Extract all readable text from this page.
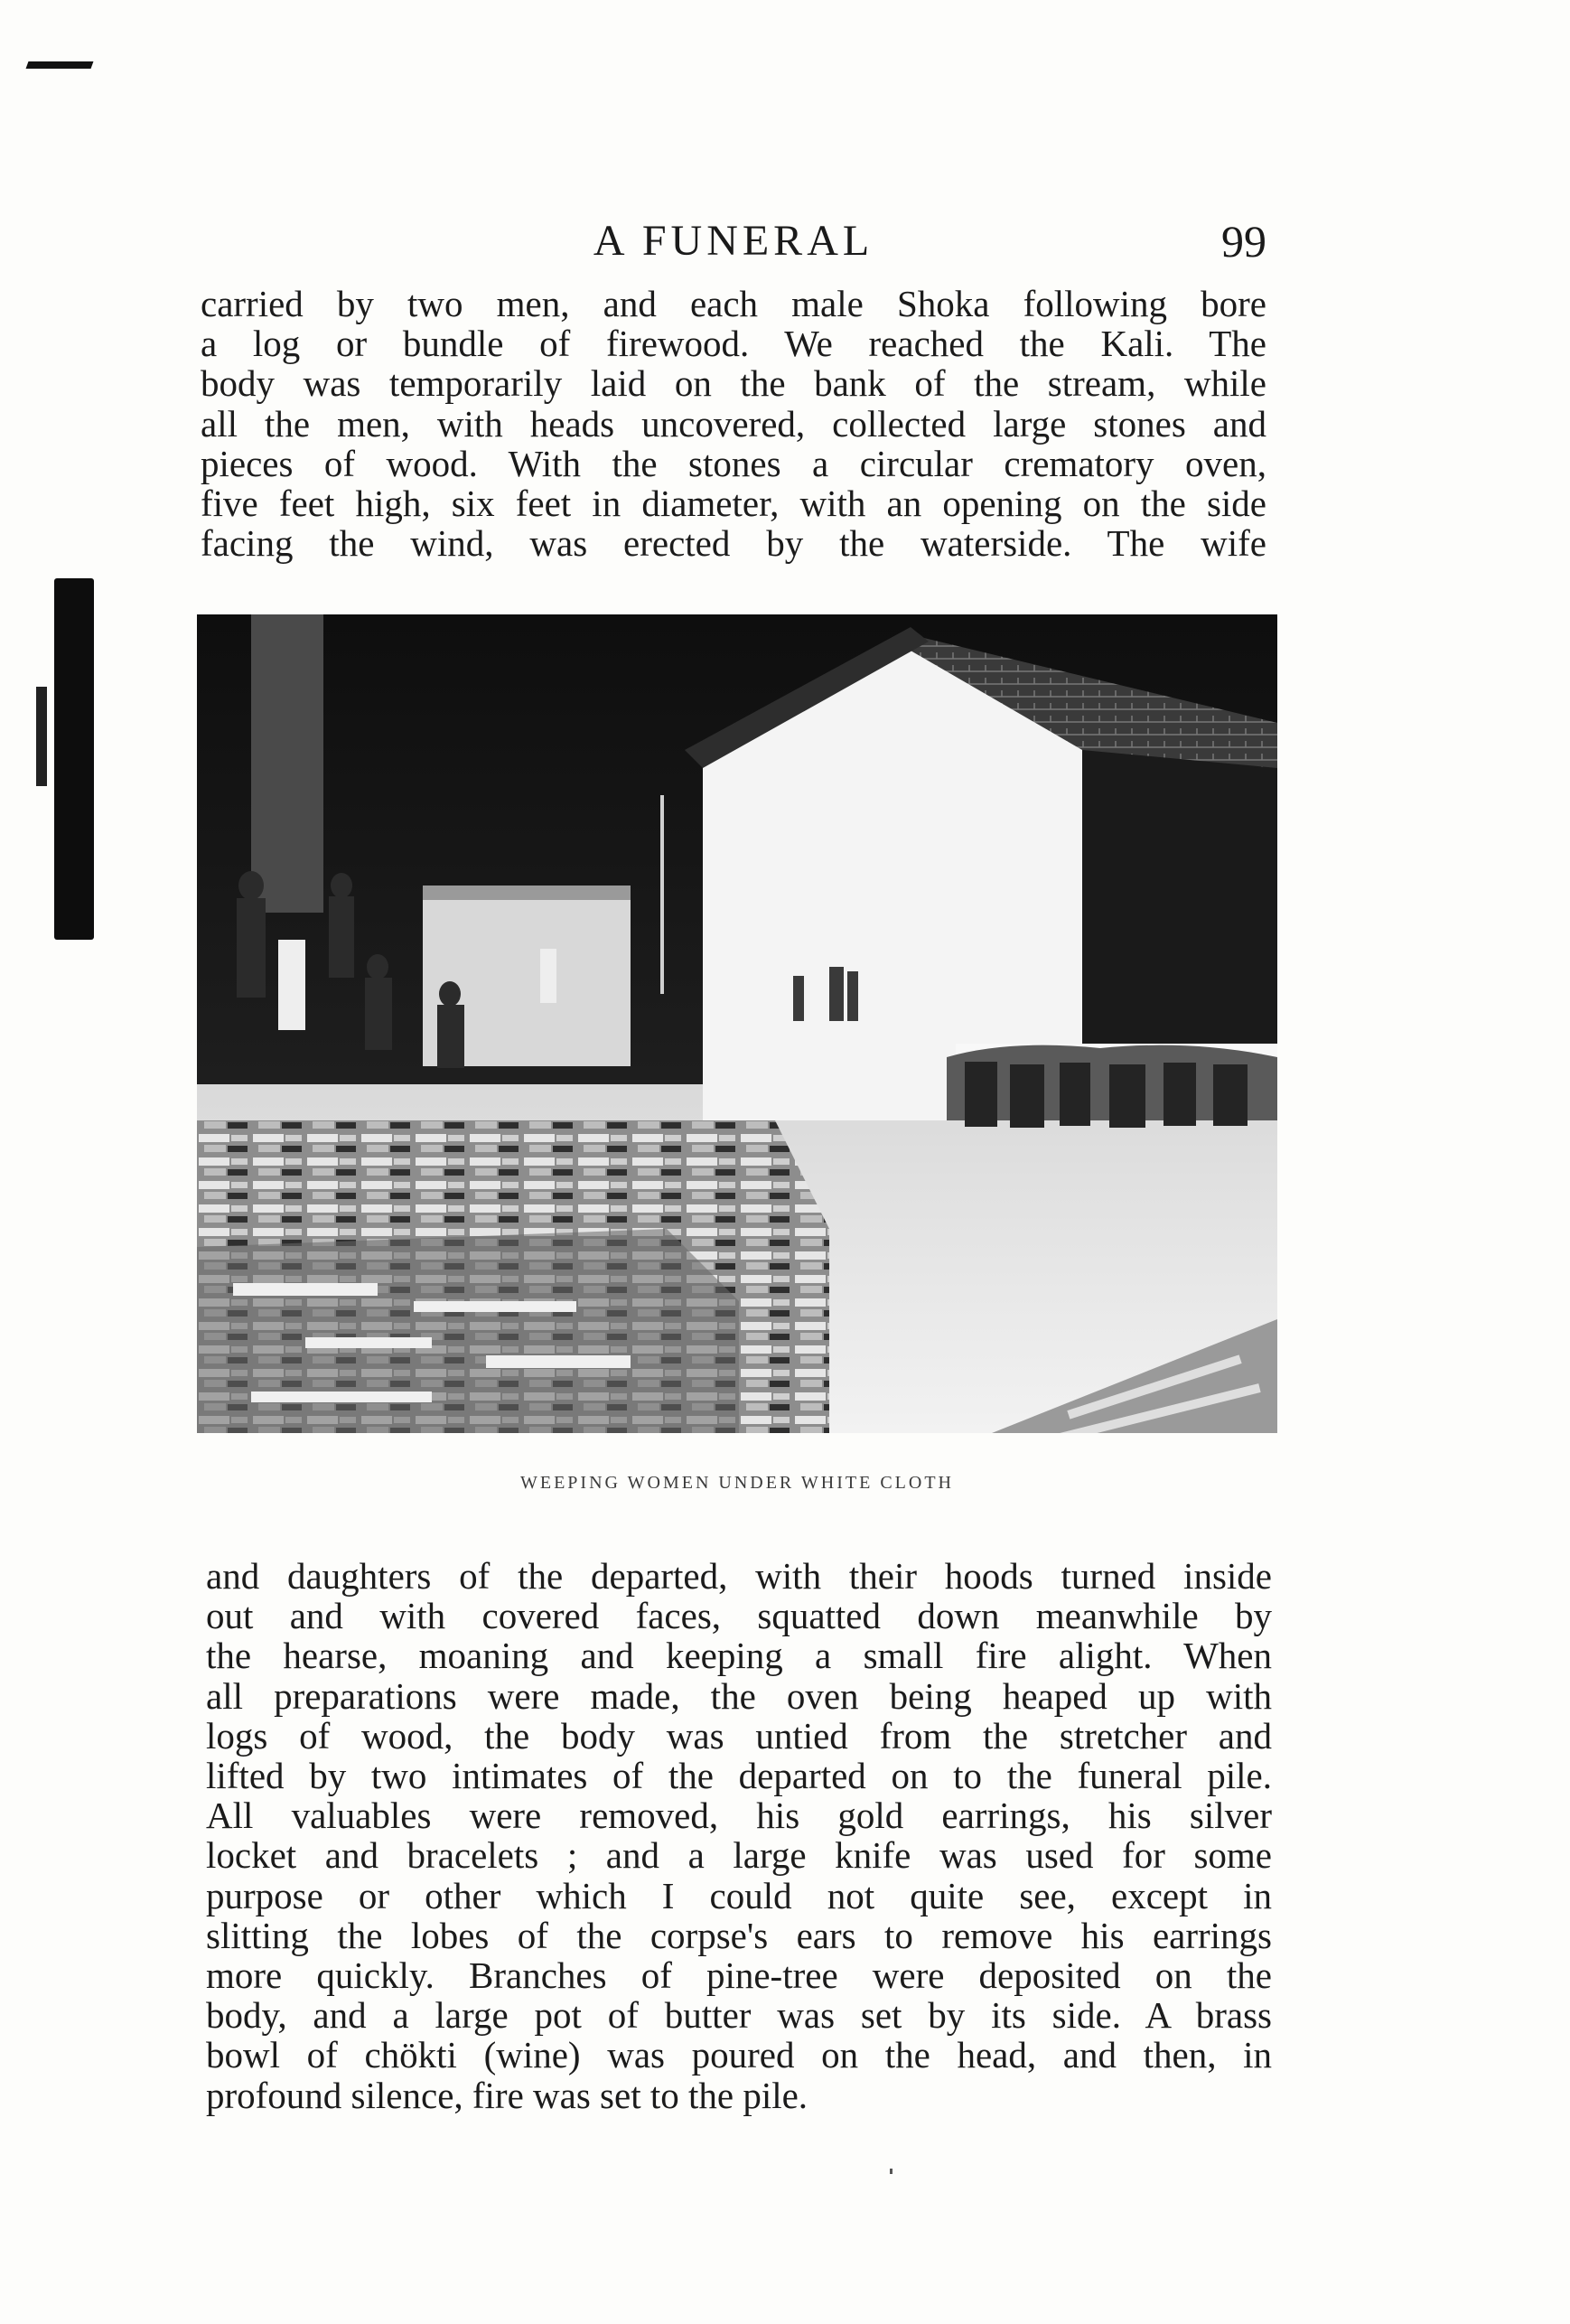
A FUNERAL	99
carried by two men, and each male Shoka following bore
a log or bundle of firewood. We reached the Kali. The
body was temporarily laid on the bank of the stream, while
all the men, with heads uncovered, collected large stones and
pieces of wood. With the stones a circular crematory oven,
five feet high, six feet in diameter, with an opening on the side
facing the wind, was erected by the waterside. The wife
WEEPING WOMEN UNDER WHITE CLOTH
and daughters of the departed, with their hoods turned inside
out and with covered faces, squatted down meanwhile by
the hearse, moaning and keeping a small fire alight. When
all preparations were made, the oven being heaped up with
logs of wood, the body was untied from the stretcher and
lifted by two intimates of the departed on to the funeral pile.
All valuables were removed, his gold earrings, his silver
locket and bracelets ; and a large knife was used for some
purpose or other which I could not quite see, except in
slitting the lobes of the corpse's ears to remove his earrings
more quickly. Branches of pine-tree were deposited on the
body, and a large pot of butter was set by its side. A brass
bowl of chökti (wine) was poured on the head, and then, in
profound silence, fire was set to the pile.
